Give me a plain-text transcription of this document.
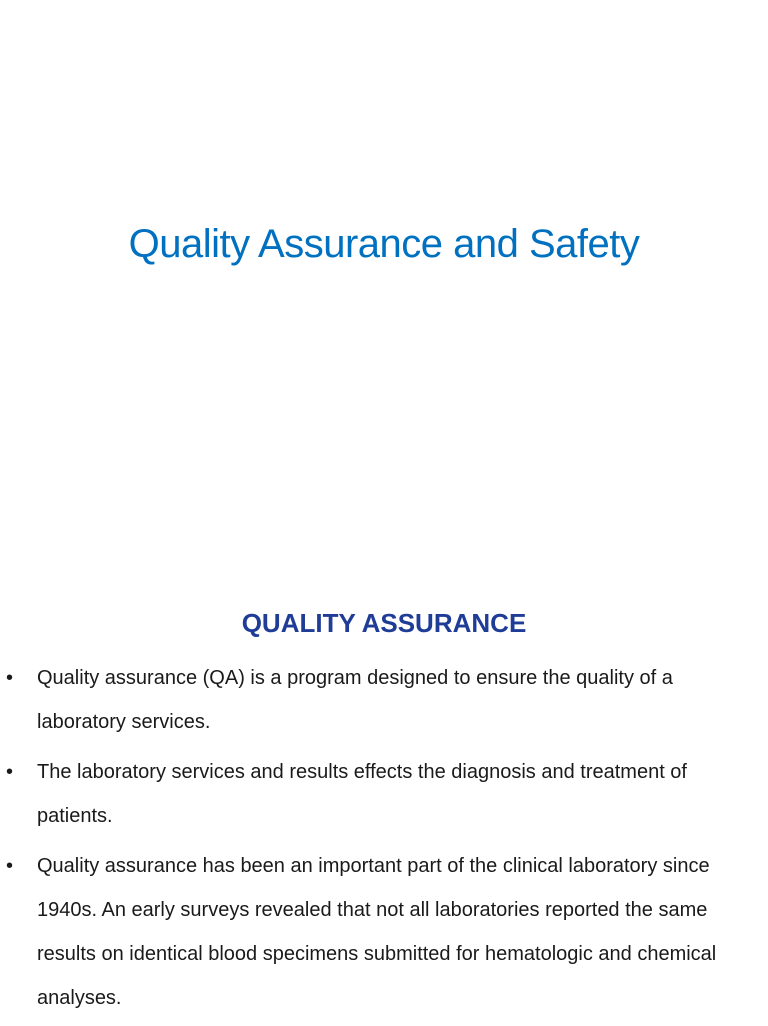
Quality Assurance and Safety
QUALITY ASSURANCE
• Quality assurance (QA) is a program designed to ensure the quality of a laboratory services.
• The laboratory services and results effects the diagnosis and treatment of patients.
• Quality assurance has been an important part of the clinical laboratory since 1940s. An early surveys revealed that not all laboratories reported the same results on identical blood specimens submitted for hematologic and chemical analyses.
